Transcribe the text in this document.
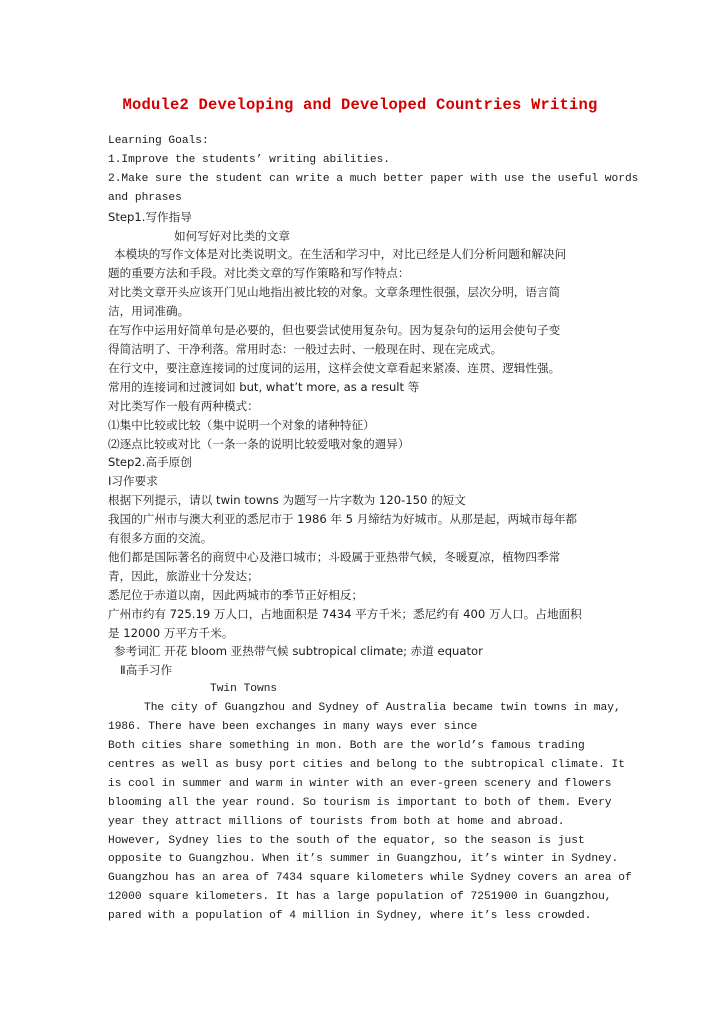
Module2 Developing and Developed Countries Writing

Learning Goals:

1.Improve the students’ writing abilities.

2.Make sure the student can write a much better paper with use the useful words

and phrases

Step1.写作指导

如何写好对比类的文章

本模块的写作文体是对比类说明文。在生活和学习中，对比已经是人们分析问题和解决问

题的重要方法和手段。对比类文章的写作策略和写作特点：

对比类文章开头应该开门见山地指出被比较的对象。文章条理性很强，层次分明，语言简

洁，用词准确。

在写作中运用好简单句是必要的，但也要尝试使用复杂句。因为复杂句的运用会使句子变

得简洁明了、干净利落。常用时态：一般过去时、一般现在时、现在完成式。

在行文中，要注意连接词的过度词的运用，这样会使文章看起来紧凑、连贯、逻辑性强。

常用的连接词和过渡词如 but, what’t more, as a result 等

对比类写作一般有两种模式：

⑴集中比较或比较（集中说明一个对象的诸种特征）

⑵逐点比较或对比（一条一条的说明比较爱哦对象的週异）

Step2.高手原创

Ⅰ习作要求

根据下列提示，请以 twin towns 为题写一片字数为 120-150 的短文

我国的广州市与澳大利亚的悉尼市于 1986 年 5 月缔结为好城市。从那是起，两城市每年都

有很多方面的交流。

他们都是国际著名的商贸中心及港口城市；斗殴属于亚热带气候，冬暖夏凉，植物四季常

青，因此，旅游业十分发达；

悉尼位于赤道以南，因此两城市的季节正好相反；

广州市约有 725.19 万人口，占地面积是 7434 平方千米；悉尼约有 400 万人口。占地面积

是 12000 万平方千米。

参考词汇 开花 bloom 亚热带气候 subtropical climate; 赤道 equator

Ⅱ高手习作

Twin Towns

The city of Guangzhou and Sydney of Australia became twin towns in may,

1986. There have been exchanges in many ways ever since

Both cities share something in mon. Both are the world’s famous trading

centres as well as busy port cities and belong to the subtropical climate. It

is cool in summer and warm in winter with an ever-green scenery and flowers

blooming all the year round. So tourism is important to both of them. Every

year they attract millions of tourists from both at home and abroad.

However, Sydney lies to the south of the equator, so the season is just

opposite to Guangzhou. When it’s summer in Guangzhou, it’s winter in Sydney.

Guangzhou has an area of 7434 square kilometers while Sydney covers an area of

12000 square kilometers. It has a large population of 7251900 in Guangzhou,

pared with a population of 4 million in Sydney, where it’s less crowded.
